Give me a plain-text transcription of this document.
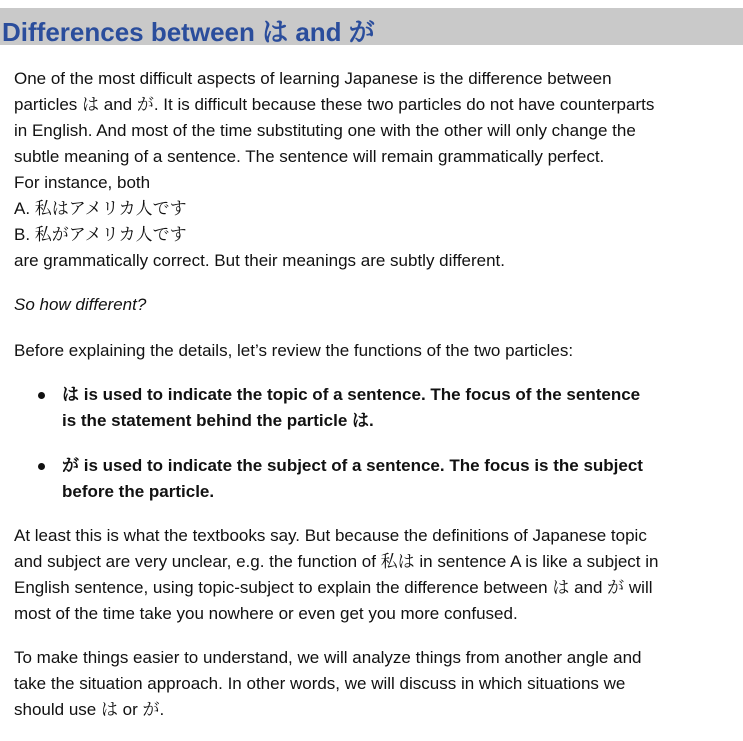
Differences between は and が

One of the most difficult aspects of learning Japanese is the difference between
particles は and が. It is difficult because these two particles do not have counterparts
in English. And most of the time substituting one with the other will only change the
subtle meaning of a sentence. The sentence will remain grammatically perfect.
For instance, both
A. 私はアメリカ人です
B. 私がアメリカ人です
are grammatically correct. But their meanings are subtly different.

So how different?

Before explaining the details, let’s review the functions of the two particles:

は is used to indicate the topic of a sentence. The focus of the sentence
is the statement behind the particle は.
が is used to indicate the subject of a sentence. The focus is the subject
before the particle.

At least this is what the textbooks say. But because the definitions of Japanese topic
and subject are very unclear, e.g. the function of 私は in sentence A is like a subject in
English sentence, using topic-subject to explain the difference between は and が will
most of the time take you nowhere or even get you more confused.

To make things easier to understand, we will analyze things from another angle and
take the situation approach. In other words, we will discuss in which situations we
should use は or が.
